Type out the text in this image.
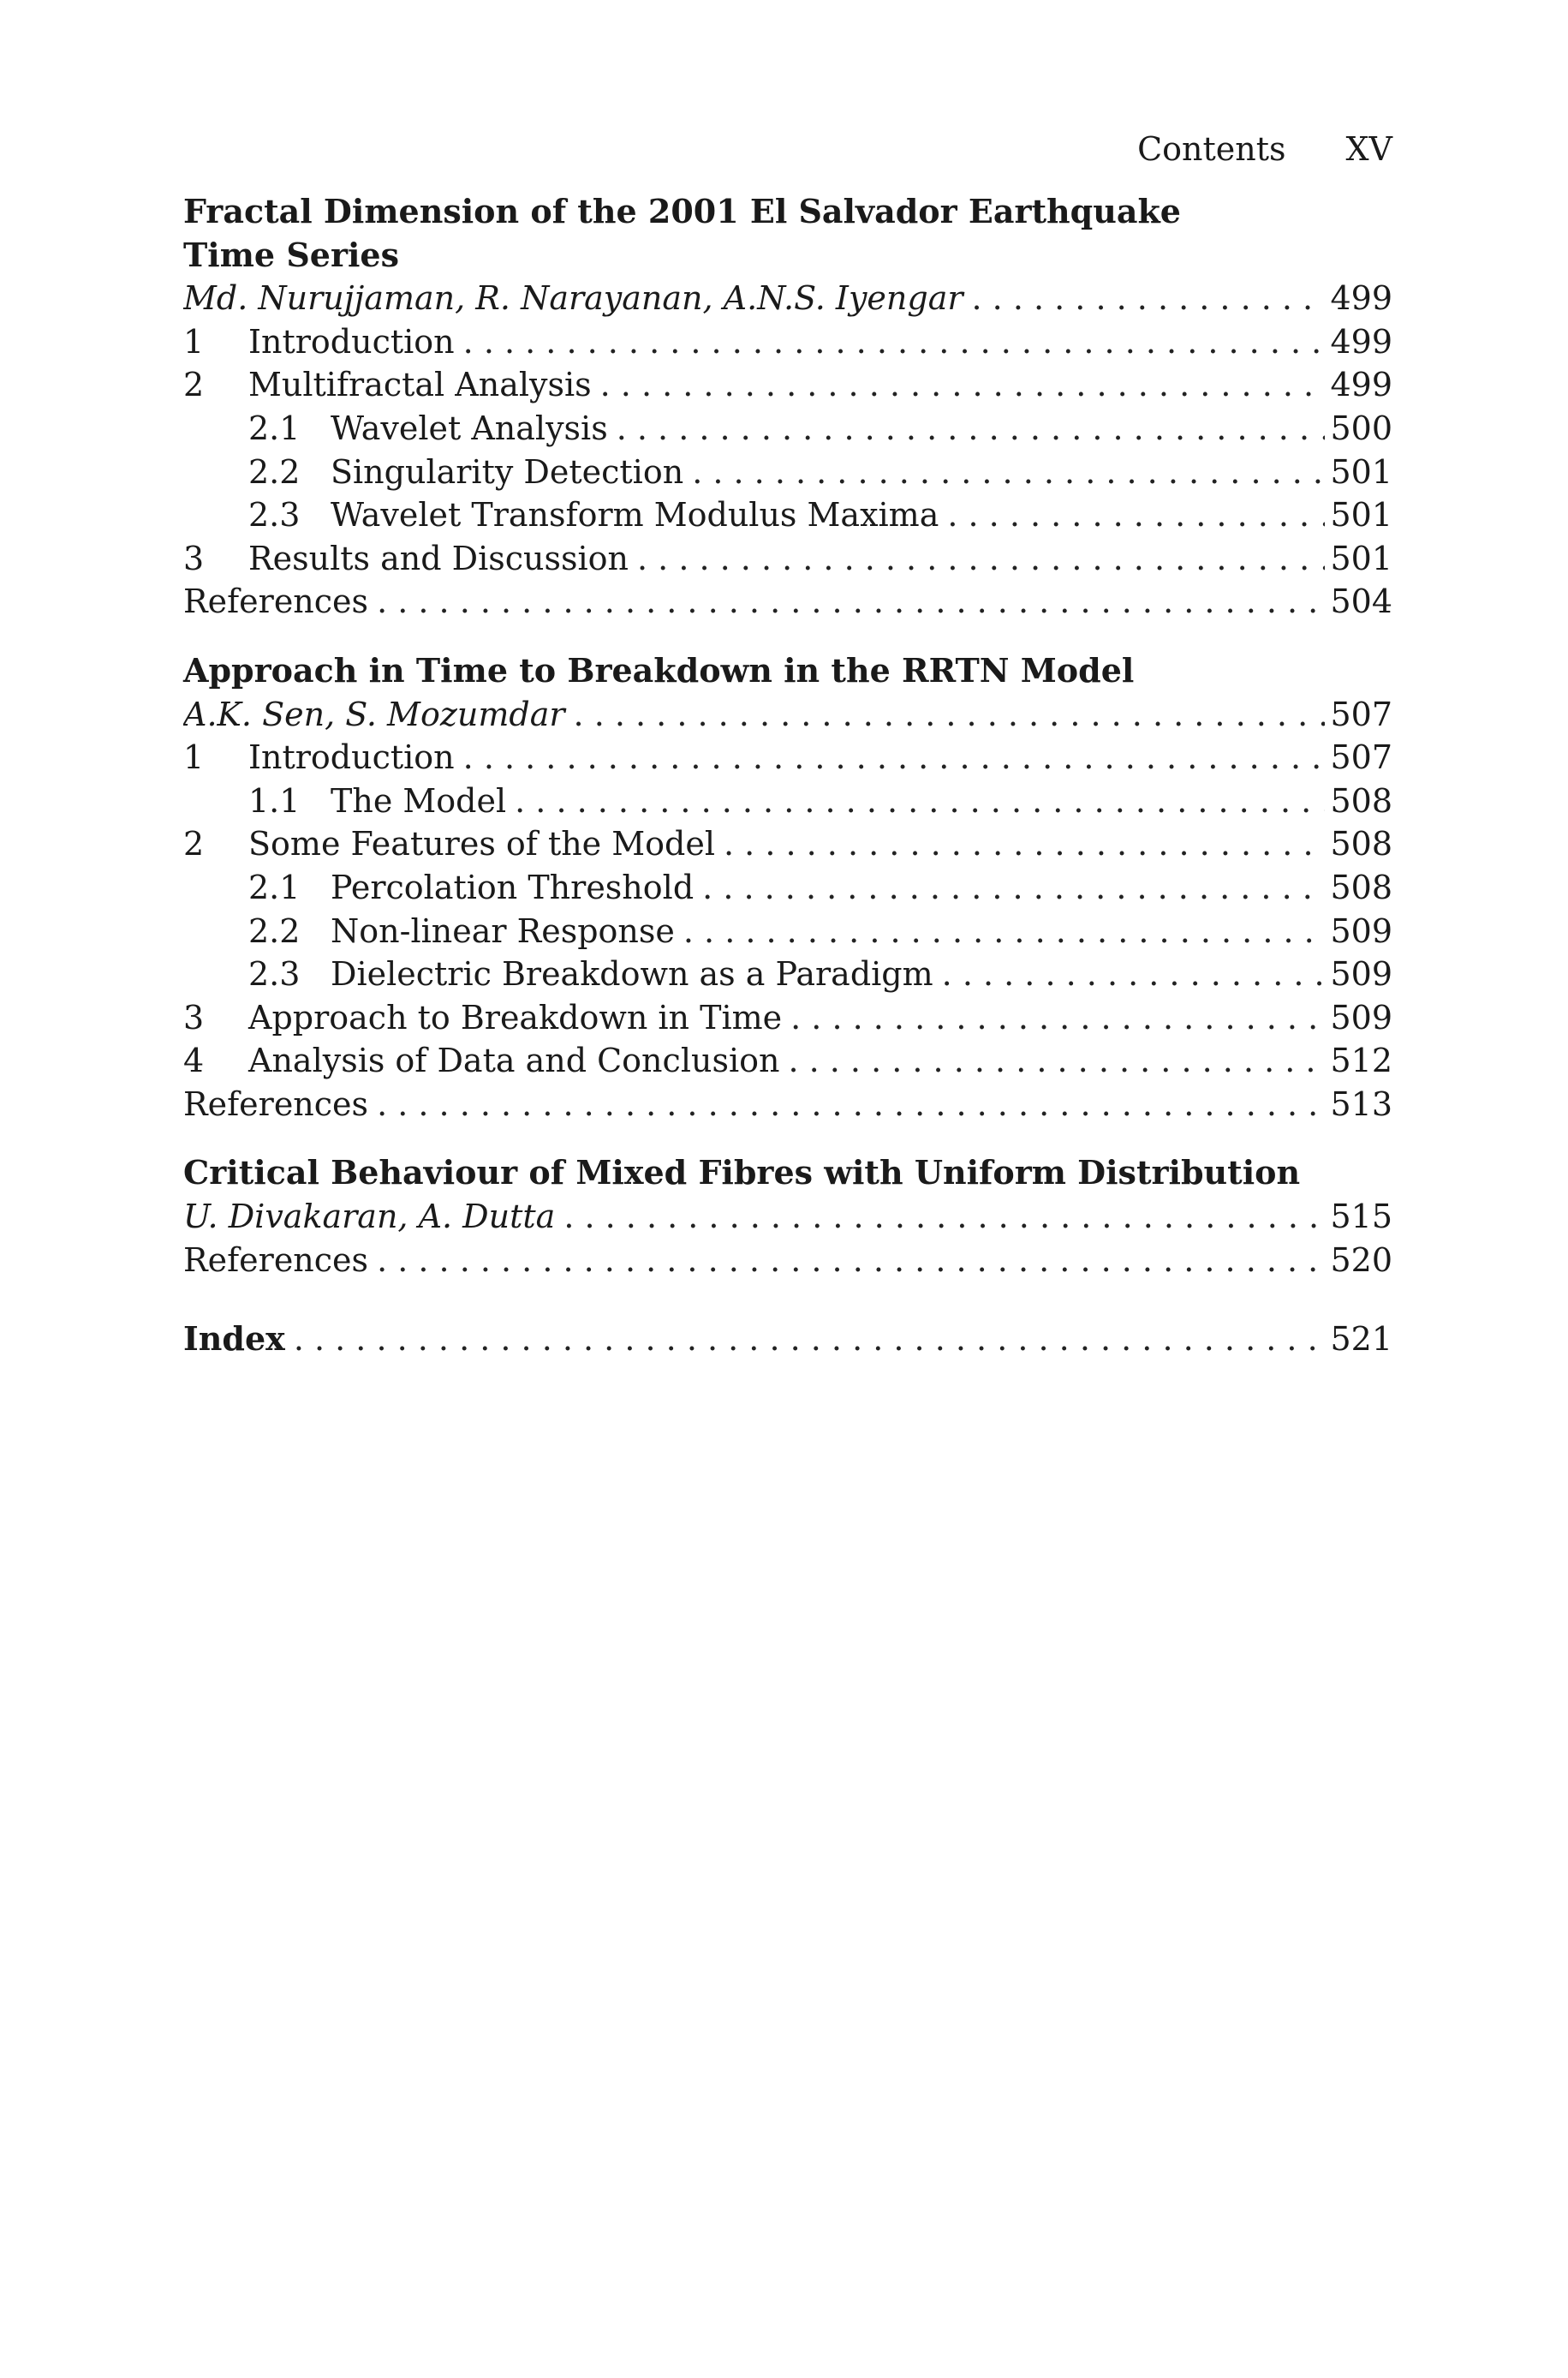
Contents XV
Fractal Dimension of the 2001 El Salvador Earthquake
Time Series
Md. Nurujjaman, R. Narayanan, A.N.S. Iyengar . . .	499
1	Introduction . . .	499
2	Multifractal Analysis . . .	499
2.1 Wavelet Analysis . . .	500
2.2 Singularity Detection . . .	501
2.3 Wavelet Transform Modulus Maxima . . .	501
3	Results and Discussion . . .	501
References . . .	504
Approach in Time to Breakdown in the RRTN Model
A.K. Sen, S. Mozumdar . . .	507
1	Introduction . . .	507
1.1 The Model . . .	508
2	Some Features of the Model . . .	508
2.1 Percolation Threshold . . .	508
2.2 Non-linear Response . . .	509
2.3 Dielectric Breakdown as a Paradigm . . .	509
3	Approach to Breakdown in Time . . .	509
4	Analysis of Data and Conclusion . . .	512
References . . .	513
Critical Behaviour of Mixed Fibres with Uniform Distribution
U. Divakaran, A. Dutta . . .	515
References . . .	520
Index . . .	521
